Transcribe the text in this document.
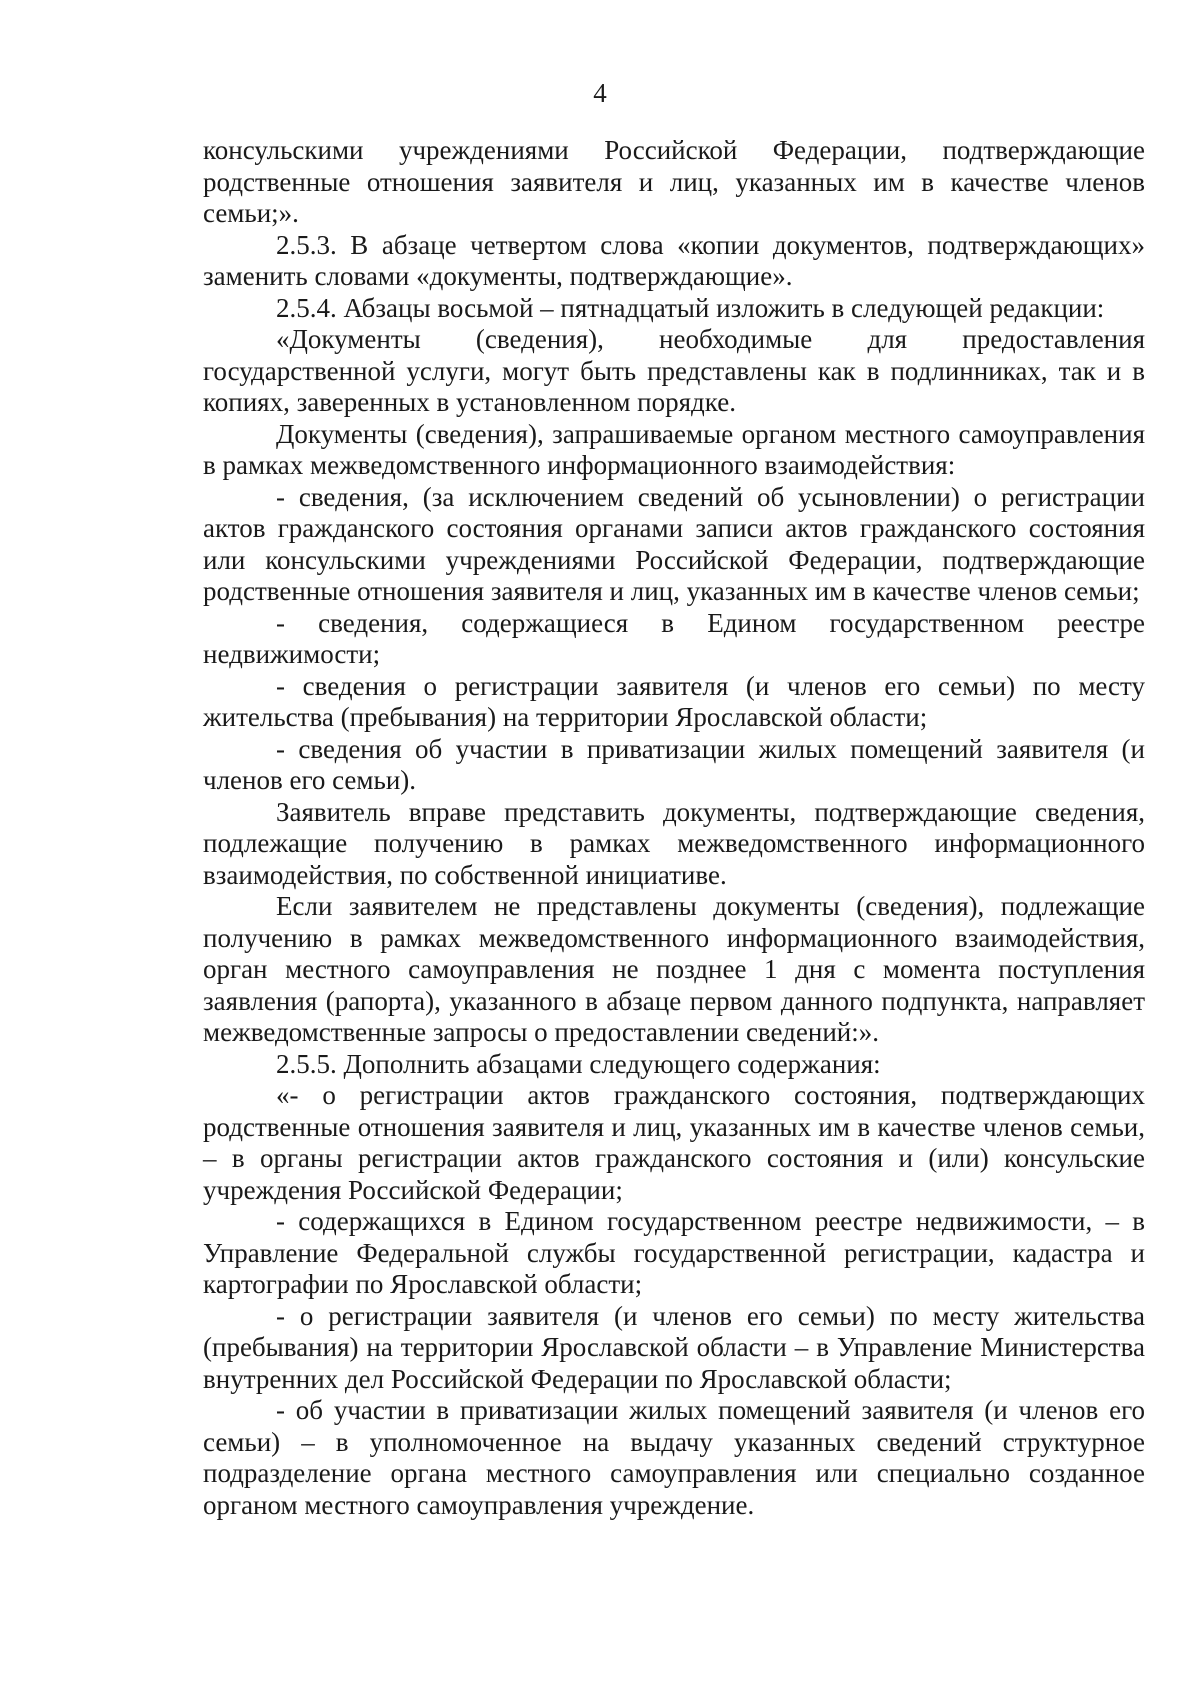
4

консульскими учреждениями Российской Федерации, подтверждающие родственные отношения заявителя и лиц, указанных им в качестве членов семьи;».

2.5.3. В абзаце четвертом слова «копии документов, подтверждающих» заменить словами «документы, подтверждающие».

2.5.4. Абзацы восьмой – пятнадцатый изложить в следующей редакции:

«Документы (сведения), необходимые для предоставления государственной услуги, могут быть представлены как в подлинниках, так и в копиях, заверенных в установленном порядке.

Документы (сведения), запрашиваемые органом местного самоуправления в рамках межведомственного информационного взаимодействия:

- сведения, (за исключением сведений об усыновлении) о регистрации актов гражданского состояния органами записи актов гражданского состояния или консульскими учреждениями Российской Федерации, подтверждающие родственные отношения заявителя и лиц, указанных им в качестве членов семьи;

- сведения, содержащиеся в Едином государственном реестре недвижимости;

- сведения о регистрации заявителя (и членов его семьи) по месту жительства (пребывания) на территории Ярославской области;

- сведения об участии в приватизации жилых помещений заявителя (и членов его семьи).

Заявитель вправе представить документы, подтверждающие сведения, подлежащие получению в рамках межведомственного информационного взаимодействия, по собственной инициативе.

Если заявителем не представлены документы (сведения), подлежащие получению в рамках межведомственного информационного взаимодействия, орган местного самоуправления не позднее 1 дня с момента поступления заявления (рапорта), указанного в абзаце первом данного подпункта, направляет межведомственные запросы о предоставлении сведений:».

2.5.5. Дополнить абзацами следующего содержания:

«- о регистрации актов гражданского состояния, подтверждающих родственные отношения заявителя и лиц, указанных им в качестве членов семьи, – в органы регистрации актов гражданского состояния и (или) консульские учреждения Российской Федерации;

- содержащихся в Едином государственном реестре недвижимости, – в Управление Федеральной службы государственной регистрации, кадастра и картографии по Ярославской области;

- о регистрации заявителя (и членов его семьи) по месту жительства (пребывания) на территории Ярославской области – в Управление Министерства внутренних дел Российской Федерации по Ярославской области;

- об участии в приватизации жилых помещений заявителя (и членов его семьи) – в уполномоченное на выдачу указанных сведений структурное подразделение органа местного самоуправления или специально созданное органом местного самоуправления учреждение.
